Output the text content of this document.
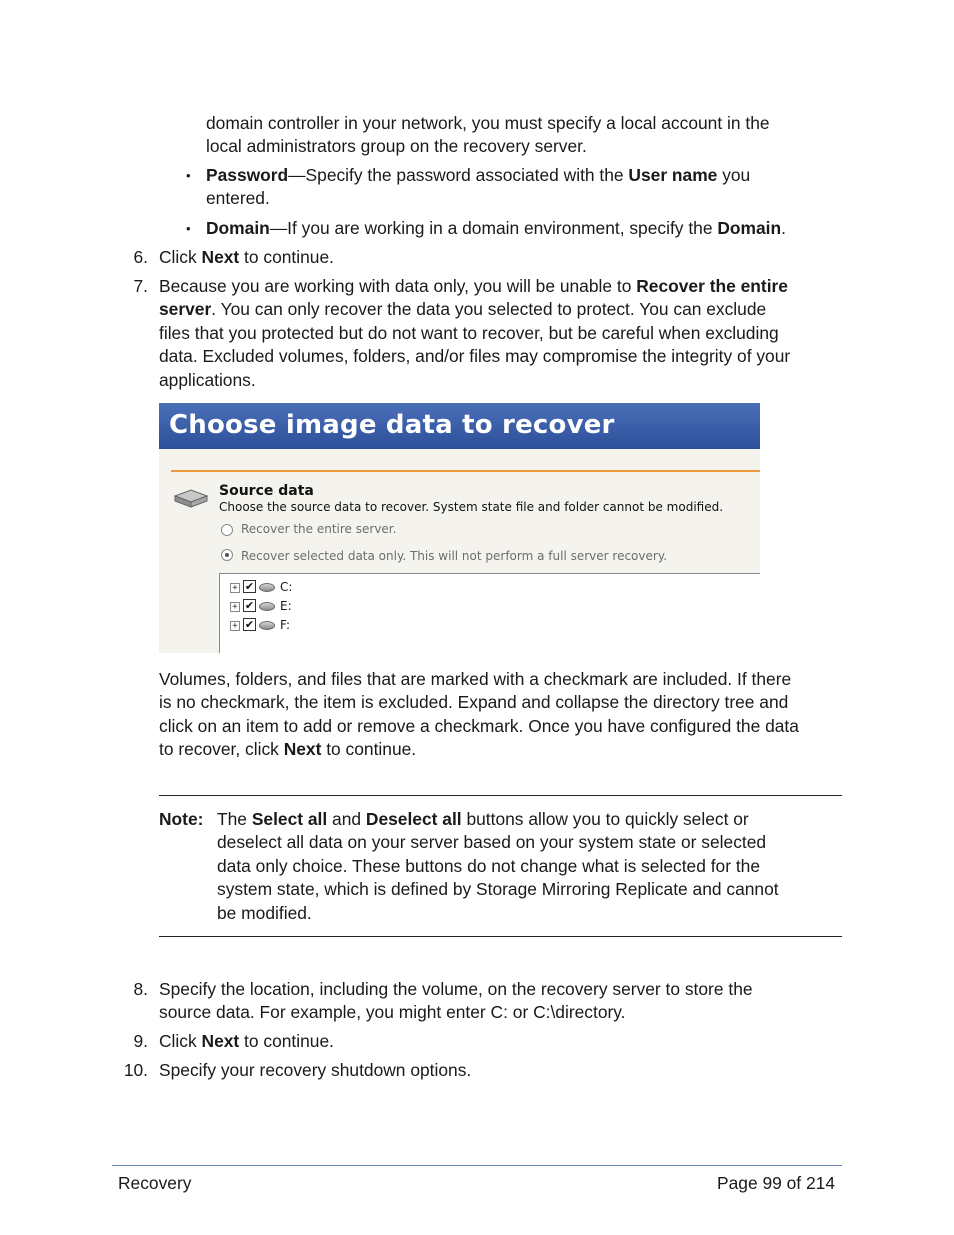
domain controller in your network, you must specify a local account in the
local administrators group on the recovery server.
• Password—Specify the password associated with the User name you
entered.
• Domain—If you are working in a domain environment, specify the Domain.
6. Click Next to continue.
7. Because you are working with data only, you will be unable to Recover the entire
server. You can only recover the data you selected to protect. You can exclude
files that you protected but do not want to recover, but be careful when excluding
data. Excluded volumes, folders, and/or files may compromise the integrity of your
applications.
Choose image data to recover
Source data
Choose the source data to recover. System state file and folder cannot be modified.
Recover the entire server.
Recover selected data only. This will not perform a full server recovery.
+ ✔ C:
+ ✔ E:
+ ✔ F:
Volumes, folders, and files that are marked with a checkmark are included. If there
is no checkmark, the item is excluded. Expand and collapse the directory tree and
click on an item to add or remove a checkmark. Once you have configured the data
to recover, click Next to continue.
Note: The Select all and Deselect all buttons allow you to quickly select or
deselect all data on your server based on your system state or selected
data only choice. These buttons do not change what is selected for the
system state, which is defined by Storage Mirroring Replicate and cannot
be modified.
8. Specify the location, including the volume, on the recovery server to store the
source data. For example, you might enter C: or C:\directory.
9. Click Next to continue.
10. Specify your recovery shutdown options.
Recovery	Page 99 of 214
